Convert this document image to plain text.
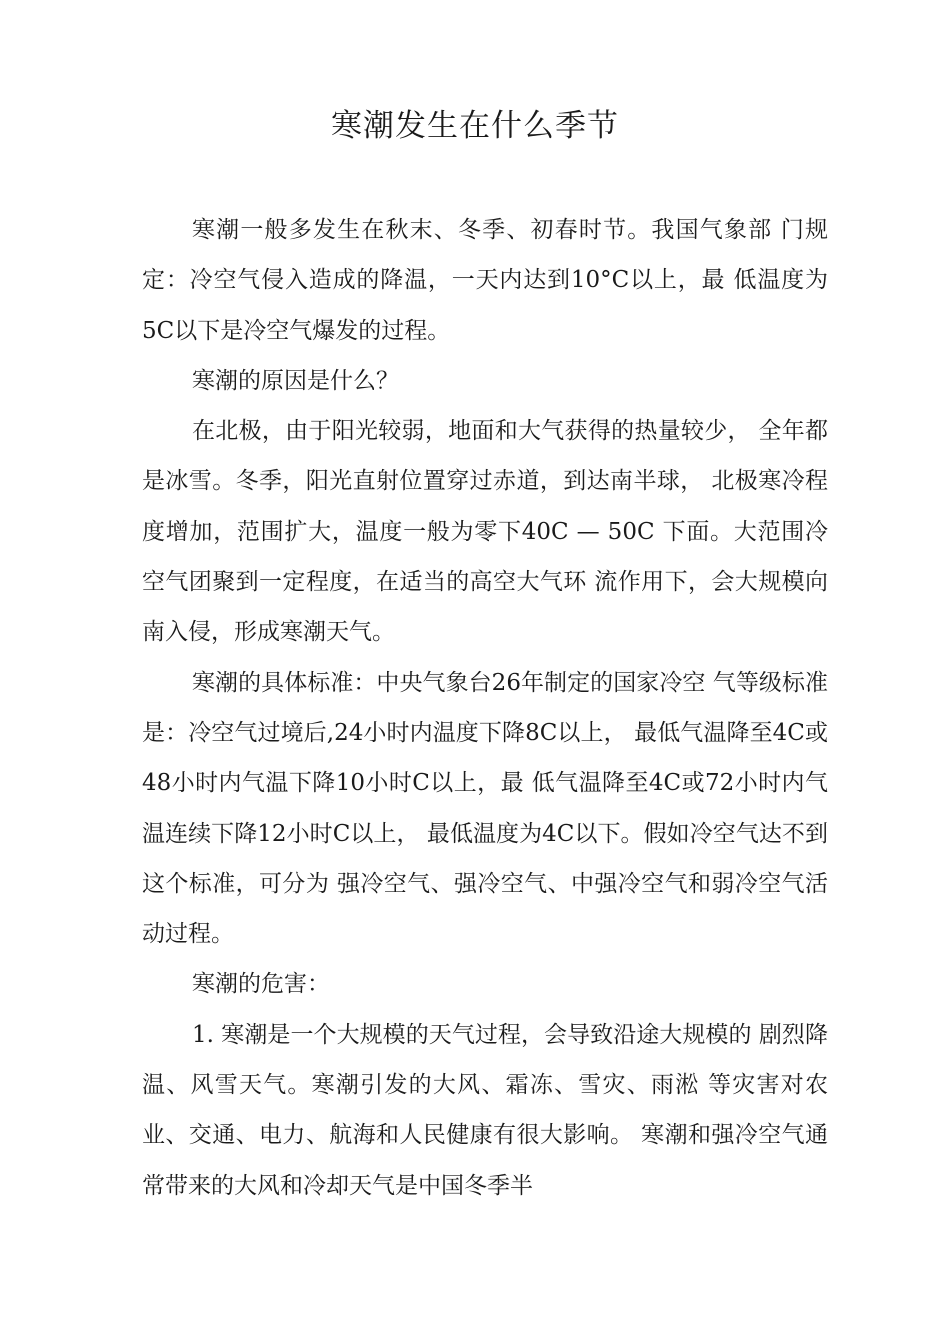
寒潮发生在什么季节

寒潮一般多发生在秋末、冬季、初春时节。我国气象部 门规定：冷空气侵入造成的降温，一天内达到10°C以上，最 低温度为5C以下是冷空气爆发的过程。

寒潮的原因是什么？

在北极，由于阳光较弱，地面和大气获得的热量较少， 全年都是冰雪。冬季，阳光直射位置穿过赤道，到达南半球， 北极寒冷程度增加，范围扩大，温度一般为零下40C — 50C 下面。大范围冷空气团聚到一定程度，在适当的高空大气环 流作用下，会大规模向南入侵，形成寒潮天气。

寒潮的具体标准：中央气象台26年制定的国家冷空 气等级标准是：冷空气过境后,24小时内温度下降8C以上， 最低气温降至4C或48小时内气温下降10小时C以上，最 低气温降至4C或72小时内气温连续下降12小时C以上， 最低温度为4C以下。假如冷空气达不到这个标准，可分为 强冷空气、强冷空气、中强冷空气和弱冷空气活动过程。

寒潮的危害：

1. 寒潮是一个大规模的天气过程，会导致沿途大规模的 剧烈降温、风雪天气。寒潮引发的大风、霜冻、雪灾、雨淞 等灾害对农业、交通、电力、航海和人民健康有很大影响。 寒潮和强冷空气通常带来的大风和冷却天气是中国冬季半
